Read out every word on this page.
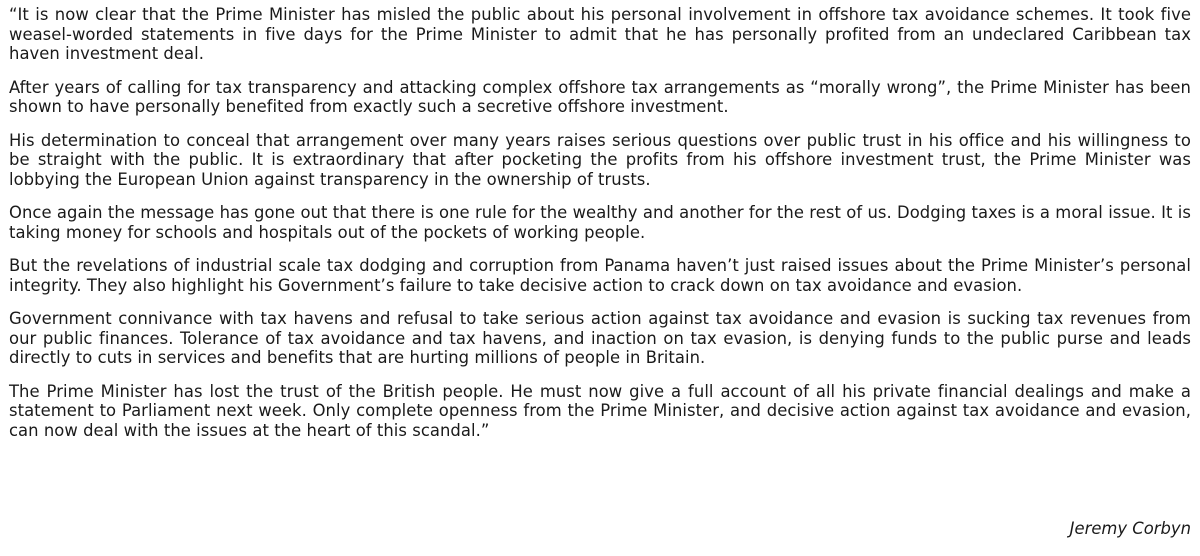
“It is now clear that the Prime Minister has misled the public about his personal involvement in offshore tax avoidance schemes. It took five weasel-worded statements in five days for the Prime Minister to admit that he has personally profited from an undeclared Caribbean tax haven investment deal.

After years of calling for tax transparency and attacking complex offshore tax arrangements as “morally wrong”, the Prime Minister has been shown to have personally benefited from exactly such a secretive offshore investment.

His determination to conceal that arrangement over many years raises serious questions over public trust in his office and his willingness to be straight with the public. It is extraordinary that after pocketing the profits from his offshore investment trust, the Prime Minister was lobbying the European Union against transparency in the ownership of trusts.

Once again the message has gone out that there is one rule for the wealthy and another for the rest of us. Dodging taxes is a moral issue. It is taking money for schools and hospitals out of the pockets of working people.

But the revelations of industrial scale tax dodging and corruption from Panama haven’t just raised issues about the Prime Minister’s personal integrity. They also highlight his Government’s failure to take decisive action to crack down on tax avoidance and evasion.

Government connivance with tax havens and refusal to take serious action against tax avoidance and evasion is sucking tax revenues from our public finances. Tolerance of tax avoidance and tax havens, and inaction on tax evasion, is denying funds to the public purse and leads directly to cuts in services and benefits that are hurting millions of people in Britain.

The Prime Minister has lost the trust of the British people. He must now give a full account of all his private financial dealings and make a statement to Parliament next week. Only complete openness from the Prime Minister, and decisive action against tax avoidance and evasion, can now deal with the issues at the heart of this scandal.”

Jeremy Corbyn
